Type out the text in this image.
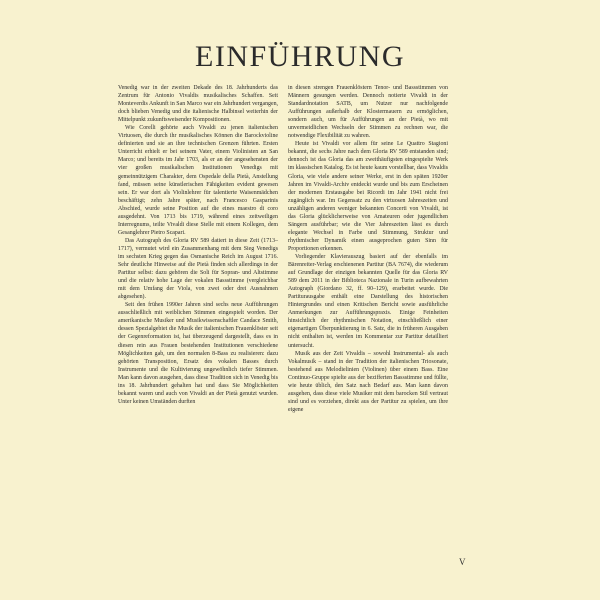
EINFÜHRUNG

Venedig war in der zweiten Dekade des 18. Jahrhunderts das Zentrum für Antonio Vivaldis musikalisches Schaffen. Seit Monteverdis Ankunft in San Marco war ein Jahrhundert vergangen, doch blieben Venedig und die italienische Halbinsel weiterhin der Mittelpunkt zukunftsweisender Kompositionen.

Wie Corelli gehörte auch Vivaldi zu jenen italienischen Virtuosen, die durch ihr musikalisches Können die Barockvioline definierten und sie an ihre technischen Grenzen führten. Ersten Unterricht erhielt er bei seinem Vater, einem Violinisten an San Marco; und bereits im Jahr 1703, als er an der angesehensten der vier großen musikalischen Institutionen Venedigs mit gemeinnützigem Charakter, dem Ospedale della Pietà, Anstellung fand, müssen seine künstlerischen Fähigkeiten evident gewesen sein. Er war dort als Violinlehrer für talentierte Waisenmädchen beschäftigt; zehn Jahre später, nach Francesco Gasparinis Abschied, wurde seine Position auf die eines maestro di coro ausgedehnt. Von 1713 bis 1719, während eines zeitweiligen Interregnums, teilte Vivaldi diese Stelle mit einem Kollegen, dem Gesanglehrer Pietro Scapari.

Das Autograph des Gloria RV 589 datiert in diese Zeit (1713–1717), vermutet wird ein Zusammenhang mit dem Sieg Venedigs im sechsten Krieg gegen das Osmanische Reich im August 1716. Sehr deutliche Hinweise auf die Pietà finden sich allerdings in der Partitur selbst: dazu gehören die Soli für Sopran- und Altstimme und die relativ hohe Lage der vokalen Bassstimme (vergleichbar mit dem Umfang der Viola, von zwei oder drei Ausnahmen abgesehen).

Seit den frühen 1990er Jahren sind sechs neue Aufführungen ausschließlich mit weiblichen Stimmen eingespielt worden. Der amerikanische Musiker und Musikwissenschaftler Candace Smith, dessen Spezialgebiet die Musik der italienischen Frauenklöster seit der Gegenreformation ist, hat überzeugend dargestellt, dass es in diesen rein aus Frauen bestehenden Institutionen verschiedene Möglichkeiten gab, um den normalen 8-Bass zu realisieren: dazu gehörten Transposition, Ersatz des vokalen Basses durch Instrumente und die Kultivierung ungewöhnlich tiefer Stimmen. Man kann davon ausgehen, dass diese Tradition sich in Venedig bis ins 18. Jahrhundert gehalten hat und dass Sie Möglichkeiten bekannt waren und auch von Vivaldi an der Pietà genutzt wurden. Unter keinen Umständen durften

in diesen strengen Frauenklöstern Tenor- und Bassstimmen von Männern gesungen werden. Dennoch notierte Vivaldi in der Standardnotation SATB, um Nutzer nur nachfolgende Aufführungen außerhalb der Klostermauern zu ermöglichen, sondern auch, um für Aufführungen an der Pietà, wo mit unvermeidlichen Wechseln der Stimmen zu rechnen war, die notwendige Flexibilität zu wahren.

Heute ist Vivaldi vor allem für seine Le Quattro Stagioni bekannt, die sechs Jahre nach dem Gloria RV 589 entstanden sind; dennoch ist das Gloria das am zweithäufigsten eingespielte Werk im klassischen Katalog. Es ist heute kaum vorstellbar, dass Vivaldis Gloria, wie viele andere seiner Werke, erst in den späten 1920er Jahren im Vivaldi-Archiv entdeckt wurde und bis zum Erscheinen der modernen Erstausgabe bei Ricordi im Jahr 1941 nicht frei zugänglich war. Im Gegensatz zu den virtuosen Jahreszeiten und unzähligen anderen weniger bekannten Concerti von Vivaldi, ist das Gloria glücklicherweise von Amateuren oder jugendlichen Sängern ausführbar; wie die Vier Jahreszeiten lässt es durch elegante Wechsel in Farbe und Stimmung, Struktur und rhythmischer Dynamik einen ausgeprochen guten Sinn für Proportionen erkennen.

Vorliegender Klavierauszug basiert auf der ebenfalls im Bärenreiter-Verlag erschienenen Partitur (BA 7674), die wiederum auf Grundlage der einzigen bekannten Quelle für das Gloria RV 589 dem 2011 in der Biblioteca Nazionale in Turin aufbewahrten Autograph (Giordano 32, ff. 90–129), erarbeitet wurde. Die Partiturausgabe enthält eine Darstellung des historischen Hintergrundes und einen Kritischen Bericht sowie ausführliche Anmerkungen zur Aufführungspraxis. Einige Feinheiten hinsichtlich der rhythmischen Notation, einschließlich einer eigenartigen Überpunktierung in 6. Satz, die in früheren Ausgaben nicht enthalten ist, werden im Kommentar zur Partitur detailliert untersucht.

Musik aus der Zeit Vivaldis – sowohl Instrumental- als auch Vokalmusik – stand in der Tradition der italienischen Triosonate, bestehend aus Melodielinien (Violinen) über einem Bass. Eine Continuo-Gruppe spielte aus der bezifferten Bassstimme und füllte, wie heute üblich, den Satz nach Bedarf aus. Man kann davon ausgehen, dass diese viele Musiker mit dem barocken Stil vertraut sind und es vorziehen, direkt aus der Partitur zu spielen, um ihre eigene

V
